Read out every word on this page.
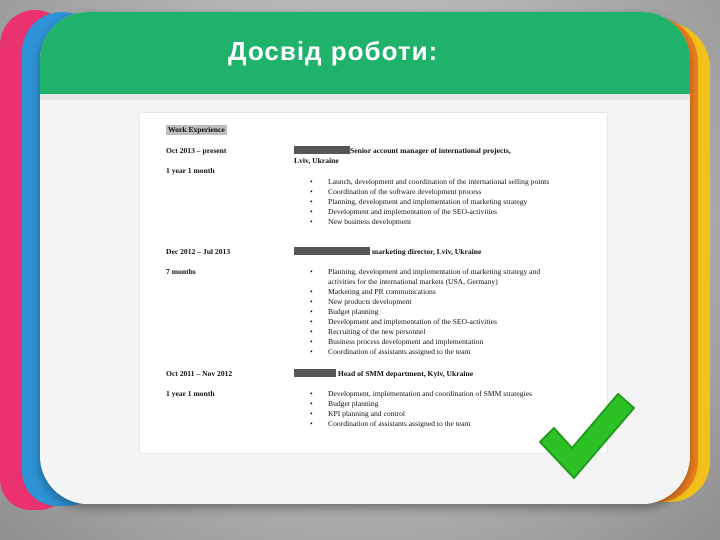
Досвід роботи:
Work Experience
Oct 2013 – present	Senior account manager of international projects,
Lviv, Ukraine
1 year 1 month
• Launch, development and coordination of the international selling points
• Coordination of the software development process
• Planning, development and implementation of marketing strategy
• Development and implementation of the SEO-activities
• New business development
Dec 2012 – Jul 2013	marketing director, Lviv, Ukraine
7 months	• Planning, development and implementation of marketing strategy and
activities for the international markets (USA, Germany)
• Marketing and PR communications
• New products development
• Budget planning
• Development and implementation of the SEO-activities
• Recruiting of the new personnel
• Business process development and implementation
• Coordination of assistants assigned to the team
Oct 2011 – Nov 2012	Head of SMM department, Kyiv, Ukraine
1 year 1 month	• Development, implementation and coordination of SMM strategies
• Budget planning
• KPI planning and control
• Coordination of assistants assigned to the team
